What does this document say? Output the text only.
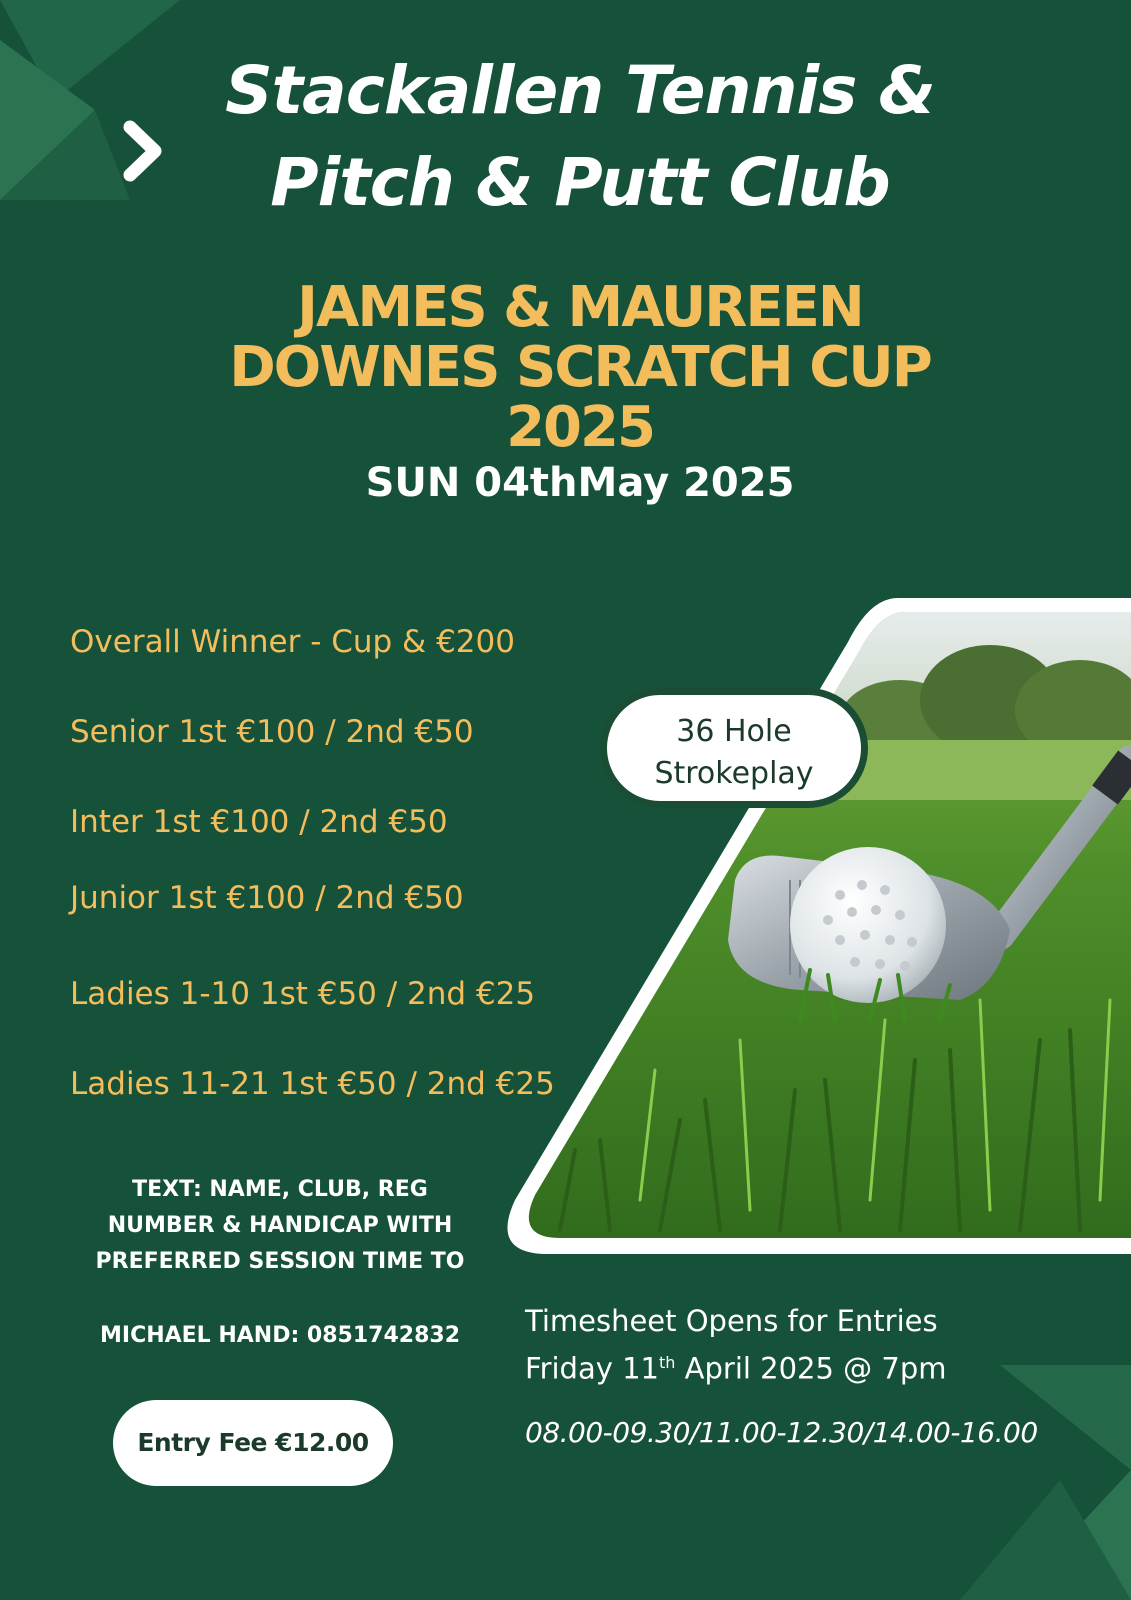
Stackallen Tennis &
Pitch & Putt Club
JAMES & MAUREEN
DOWNES SCRATCH CUP
2025
SUN 04thMay 2025
36 Hole
Strokeplay
Overall Winner - Cup & €200
Senior 1st €100 / 2nd €50
Inter 1st €100 / 2nd €50
Junior 1st €100 / 2nd €50
Ladies 1-10 1st €50 / 2nd €25
Ladies 11-21 1st €50 / 2nd €25
TEXT: NAME, CLUB, REG
NUMBER & HANDICAP WITH
PREFERRED SESSION TIME TO
MICHAEL HAND: 0851742832
Entry Fee €12.00
Timesheet Opens for Entries
Friday 11th April 2025 @ 7pm
08.00-09.30/11.00-12.30/14.00-16.00
